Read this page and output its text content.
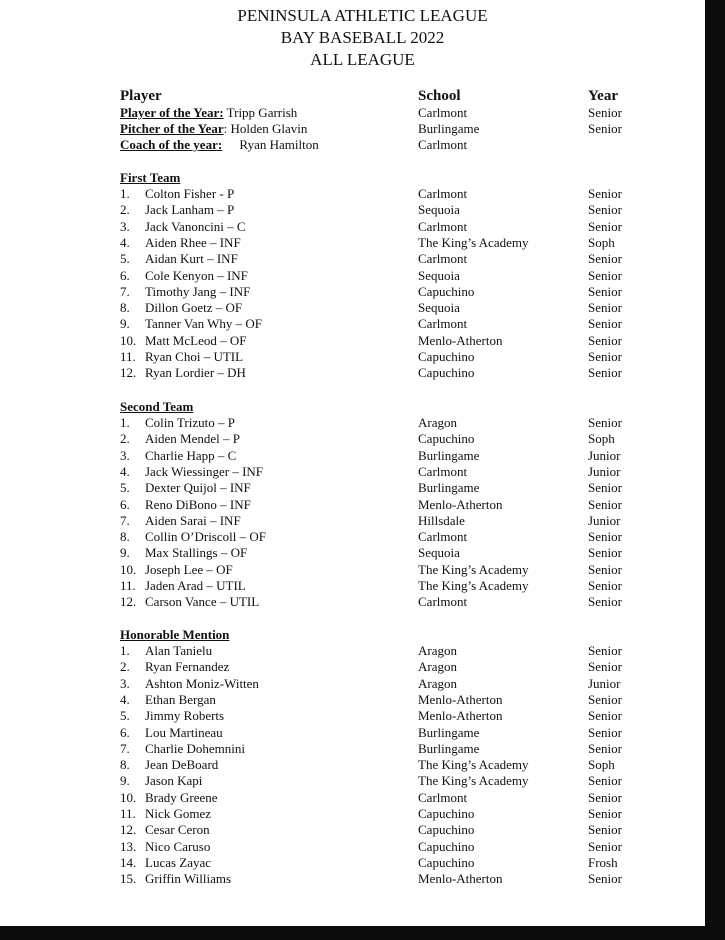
PENINSULA ATHLETIC LEAGUE
BAY BASEBALL 2022
ALL LEAGUE
Player	School	Year
Player of the Year: Tripp Garrish	Carlmont	Senior
Pitcher of the Year: Holden Glavin	Burlingame	Senior
Coach of the year: Ryan Hamilton	Carlmont
First Team
1.	Colton Fisher - P	Carlmont	Senior
2.	Jack Lanham – P	Sequoia	Senior
3.	Jack Vanoncini – C	Carlmont	Senior
4.	Aiden Rhee – INF	The King’s Academy	Soph
5.	Aidan Kurt – INF	Carlmont	Senior
6.	Cole Kenyon – INF	Sequoia	Senior
7.	Timothy Jang – INF	Capuchino	Senior
8.	Dillon Goetz – OF	Sequoia	Senior
9.	Tanner Van Why – OF	Carlmont	Senior
10. Matt McLeod – OF	Menlo-Atherton	Senior
11. Ryan Choi – UTIL	Capuchino	Senior
12. Ryan Lordier – DH	Capuchino	Senior
Second Team
1.	Colin Trizuto – P	Aragon	Senior
2.	Aiden Mendel – P	Capuchino	Soph
3.	Charlie Happ – C	Burlingame	Junior
4.	Jack Wiessinger – INF	Carlmont	Junior
5.	Dexter Quijol – INF	Burlingame	Senior
6.	Reno DiBono – INF	Menlo-Atherton	Senior
7.	Aiden Sarai – INF	Hillsdale	Junior
8.	Collin O’Driscoll – OF	Carlmont	Senior
9.	Max Stallings – OF	Sequoia	Senior
10. Joseph Lee – OF	The King’s Academy	Senior
11. Jaden Arad – UTIL	The King’s Academy	Senior
12. Carson Vance – UTIL	Carlmont	Senior
Honorable Mention
1.	Alan Tanielu	Aragon	Senior
2.	Ryan Fernandez	Aragon	Senior
3.	Ashton Moniz-Witten	Aragon	Junior
4.	Ethan Bergan	Menlo-Atherton	Senior
5.	Jimmy Roberts	Menlo-Atherton	Senior
6.	Lou Martineau	Burlingame	Senior
7.	Charlie Dohemnini	Burlingame	Senior
8.	Jean DeBoard	The King’s Academy	Soph
9.	Jason Kapi	The King’s Academy	Senior
10. Brady Greene	Carlmont	Senior
11. Nick Gomez	Capuchino	Senior
12. Cesar Ceron	Capuchino	Senior
13. Nico Caruso	Capuchino	Senior
14. Lucas Zayac	Capuchino	Frosh
15. Griffin Williams	Menlo-Atherton	Senior
